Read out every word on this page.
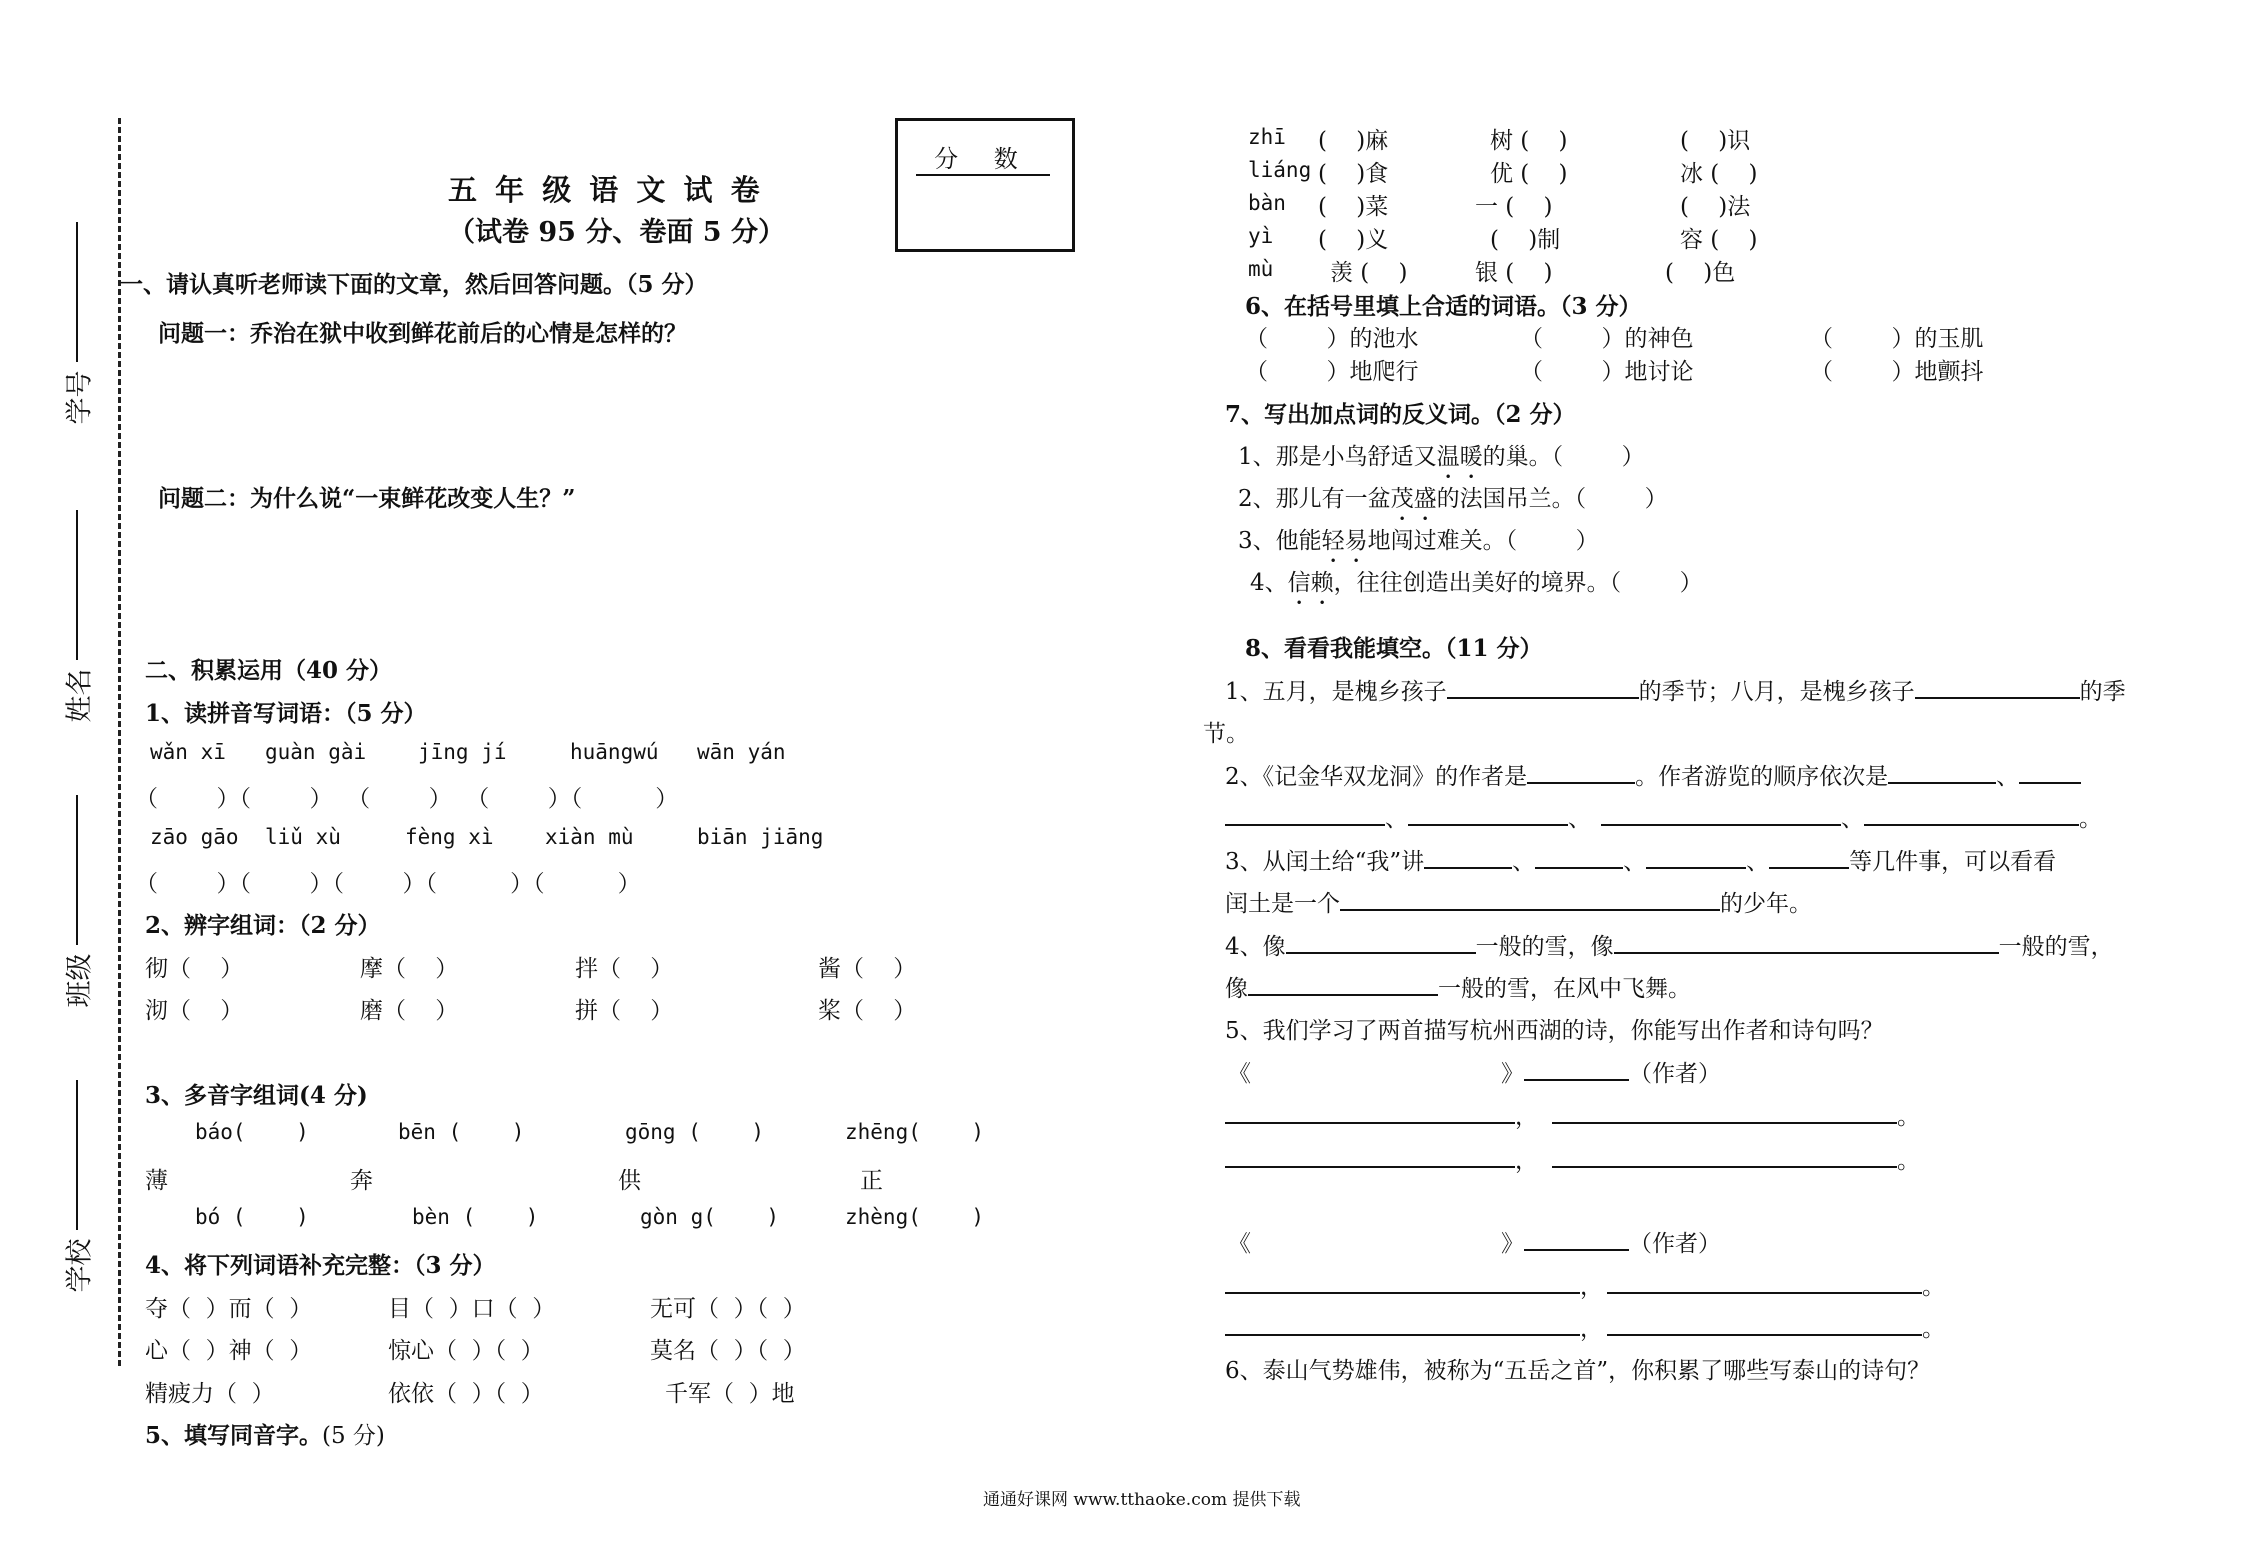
学号
姓名
班级
学校
分 数
五 年 级 语 文 试 卷
（试卷 95 分、卷面 5 分）
一、请认真听老师读下面的文章，然后回答问题。（5 分）
问题一：乔治在狱中收到鲜花前后的心情是怎样的？
问题二：为什么说“一束鲜花改变人生？”
二、积累运用（40 分）
1、读拼音写词语：（5 分）
wǎn xī guàn gài jīng jí	huāngwú wān yán
（        ）（        ）  （        ）  （        ）（          ）
zāo gāo liǔ xù	fèng xì xiàn mù	biān jiāng
（        ）（        ）（        ）（          ）（          ）
2、辨字组词：（2 分）
彻（    ）	摩（    ）	拌（    ）	酱（    ）
沏（    ）	磨（    ）	拼（    ）	桨（    ）
3、多音字组词(4 分)
báo(    )	bēn (    )	gōng (    )	zhēng(    )
薄	奔	供	正
bó (    )	bèn (    )	gòn g(    )	zhèng(    )
4、将下列词语补充完整：（3 分）
夺（  ）而（  ）	目（  ）口（  ）	无可（  ）（  ）
心（  ）神（  ）	惊心（  ）（  ）	莫名（  ）（  ）
精疲力（  ）	依依（  ）（  ）	千军（  ）地
5、填写同音字。(5 分)
zhī (    )麻	树 (    )	(    )识
liáng (    )食	优 (    )	冰 (    )
bàn (    )菜	一 (    )	(    )法
yì (    )义	(    )制	容 (    )
mù 羡 (    )	银 (    )	(    )色
6、在括号里填上合适的词语。（3 分）
（        ）的池水	（        ）的神色	（        ）的玉肌
（        ）地爬行	（        ）地讨论	（        ）地颤抖
7、写出加点词的反义词。（2 分）
1、那是小鸟舒适又温暖的巢。（        ）
2、那儿有一盆茂盛的法国吊兰。（        ）
3、他能轻易地闯过难关。（        ）
4、信赖，往往创造出美好的境界。（        ）
8、看看我能填空。（11 分）
1、五月，是槐乡孩子	的季节；八月，是槐乡孩子	的季
节。
2、《记金华双龙洞》的作者是	。作者游览的顺序依次是	、
、	、	、	。
3、从闰土给“我”讲	、	、	、	等几件事，可以看看
闰土是一个	的少年。
4、像	一般的雪，像	一般的雪，
像	一般的雪，在风中飞舞。
5、我们学习了两首描写杭州西湖的诗，你能写出作者和诗句吗？
《	》	（作者）
，	。
，	。
《	》	（作者）
，	。
，	。
6、泰山气势雄伟，被称为“五岳之首”，你积累了哪些写泰山的诗句？
通通好课网 www.tthaoke.com 提供下载
